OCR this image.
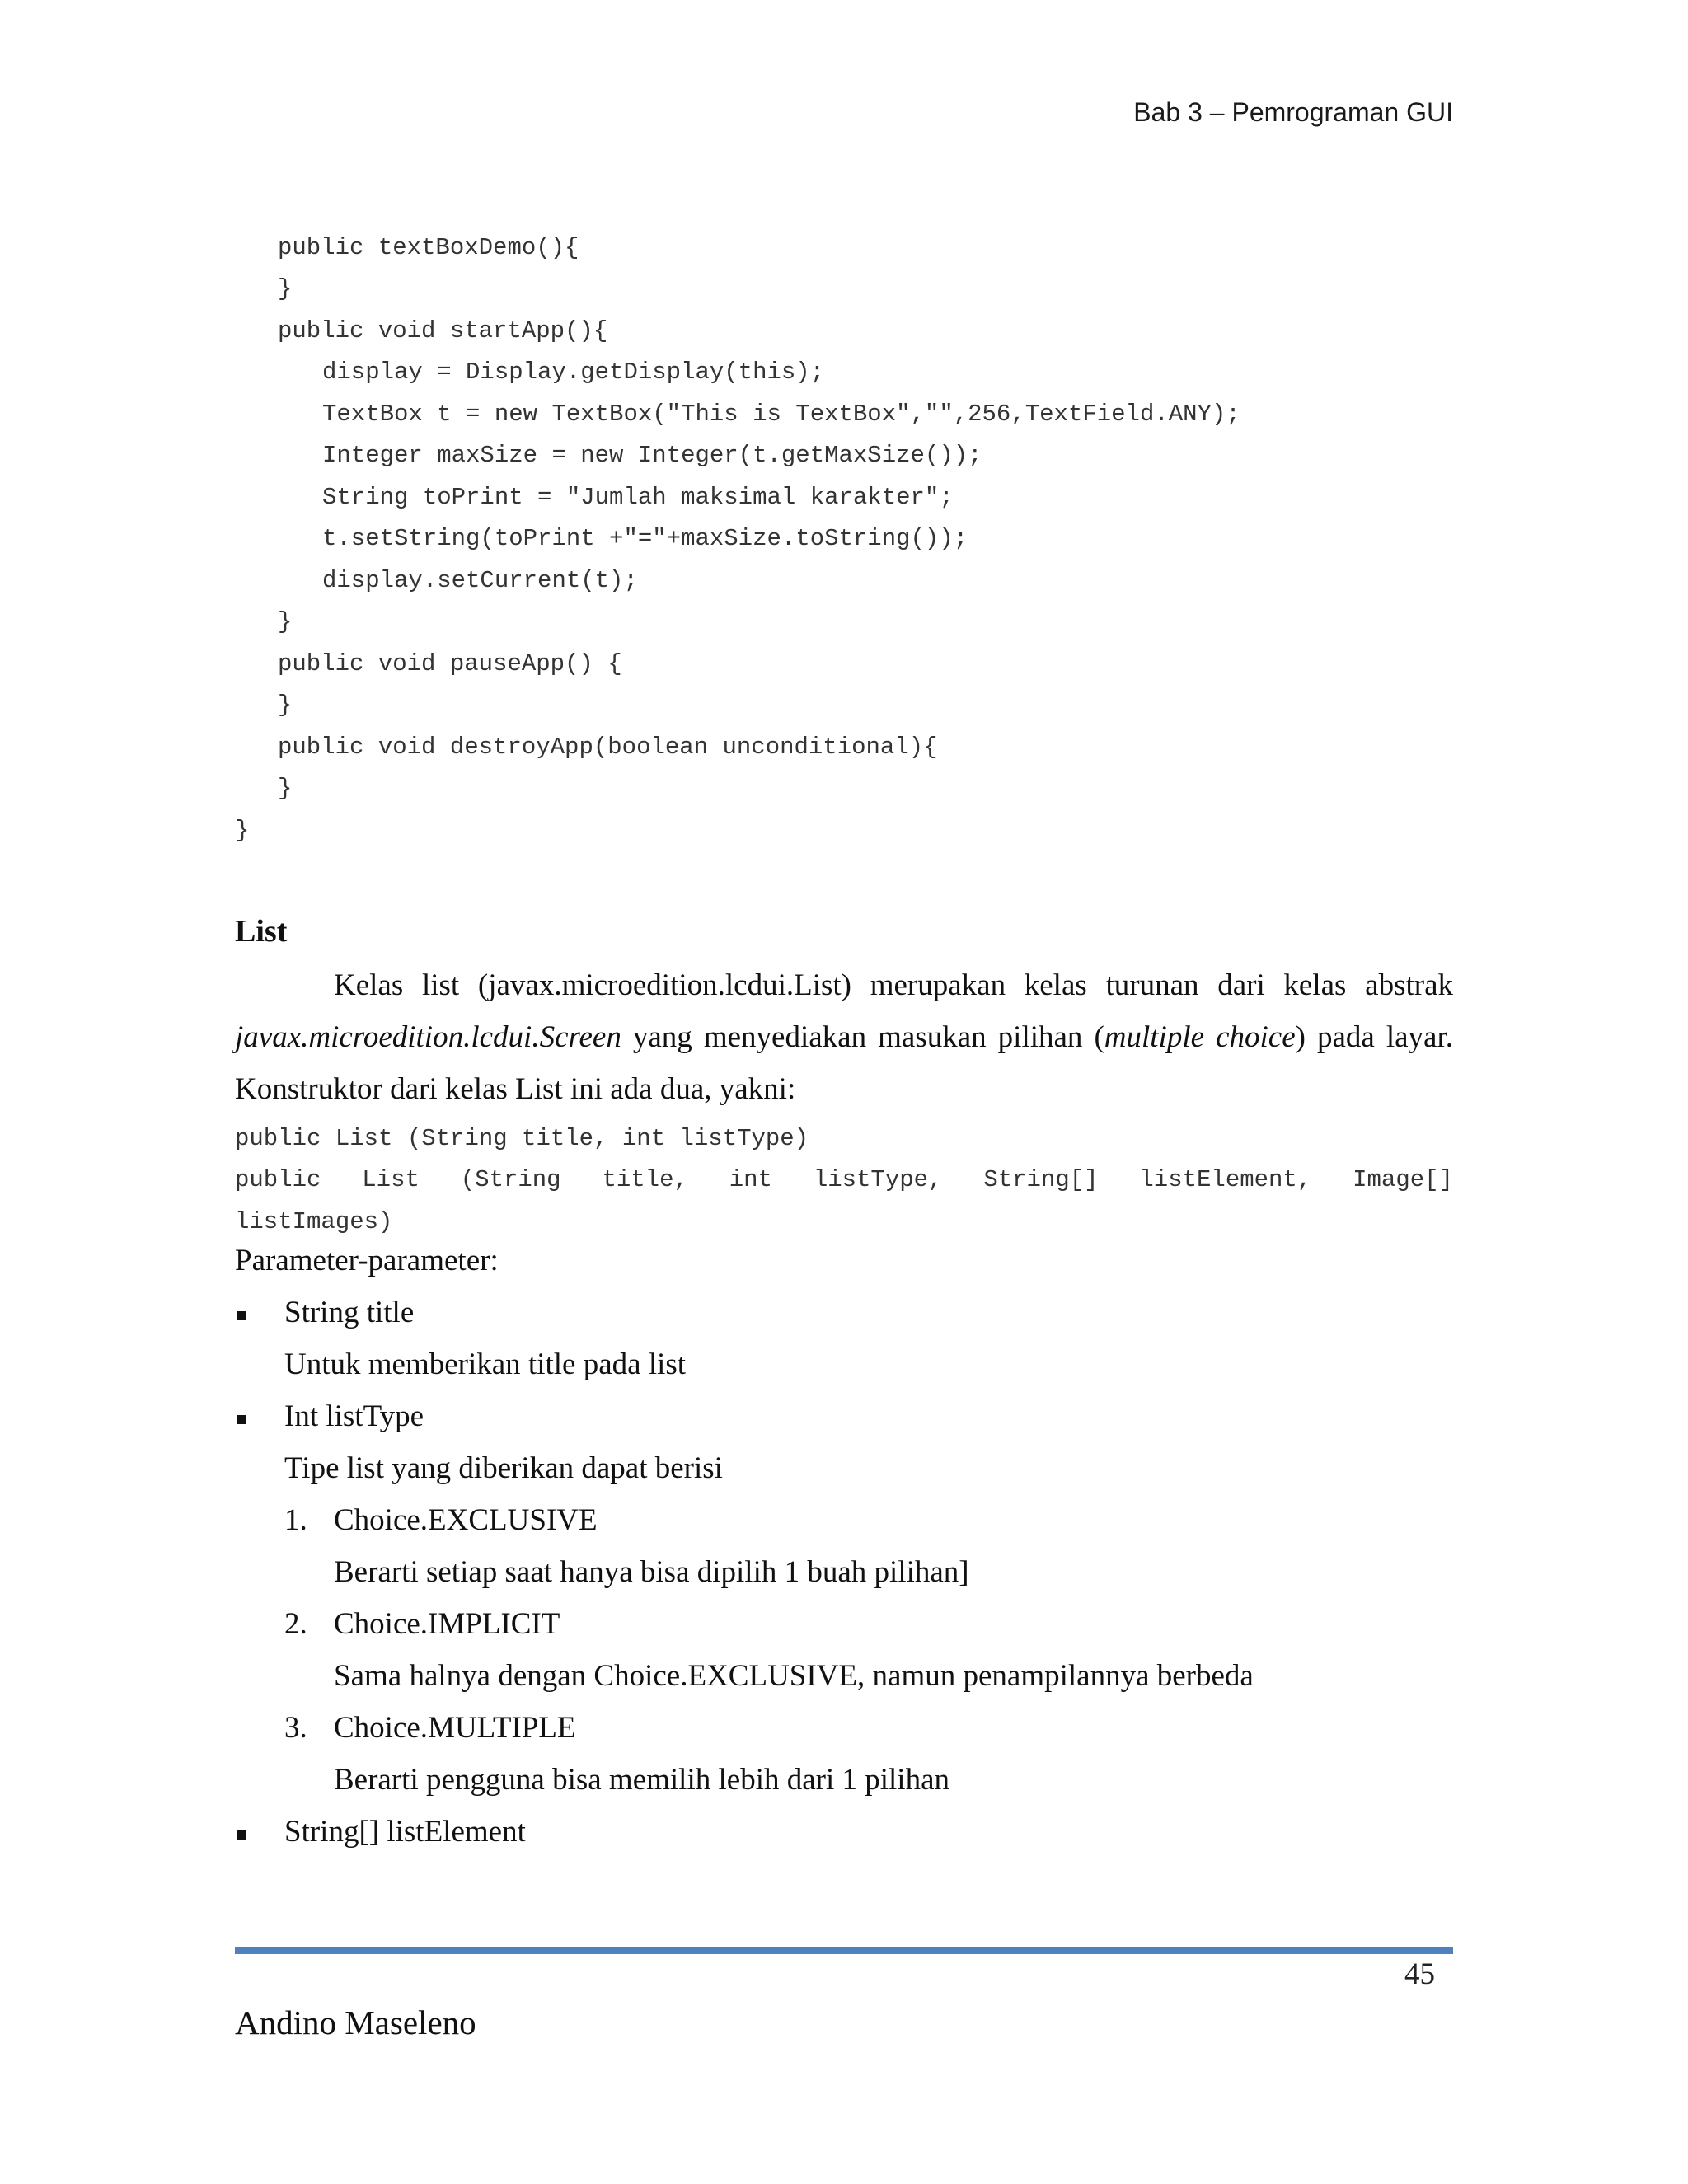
Bab 3 – Pemrograman GUI

public textBoxDemo(){

}

public void startApp(){

display = Display.getDisplay(this);

TextBox t = new TextBox("This is TextBox","",256,TextField.ANY);

Integer maxSize = new Integer(t.getMaxSize());

String toPrint = "Jumlah maksimal karakter";

t.setString(toPrint +"="+maxSize.toString());

display.setCurrent(t);

}

public void pauseApp() {

}

public void destroyApp(boolean unconditional){

}

}

List
Kelas list (javax.microedition.lcdui.List) merupakan kelas turunan dari kelas abstrak javax.microedition.lcdui.Screen yang menyediakan masukan pilihan (multiple choice) pada layar. Konstruktor dari kelas List ini ada dua, yakni:
public List (String title, int listType)
public List (String title, int listType, String[] listElement, Image[]
listImages)
Parameter-parameter:
String title
Untuk memberikan title pada list
Int listType
Tipe list yang diberikan dapat berisi
1. Choice.EXCLUSIVE
Berarti setiap saat hanya bisa dipilih 1 buah pilihan]
2. Choice.IMPLICIT
Sama halnya dengan Choice.EXCLUSIVE, namun penampilannya berbeda
3. Choice.MULTIPLE
Berarti pengguna bisa memilih lebih dari 1 pilihan
String[] listElement
45
Andino Maseleno
